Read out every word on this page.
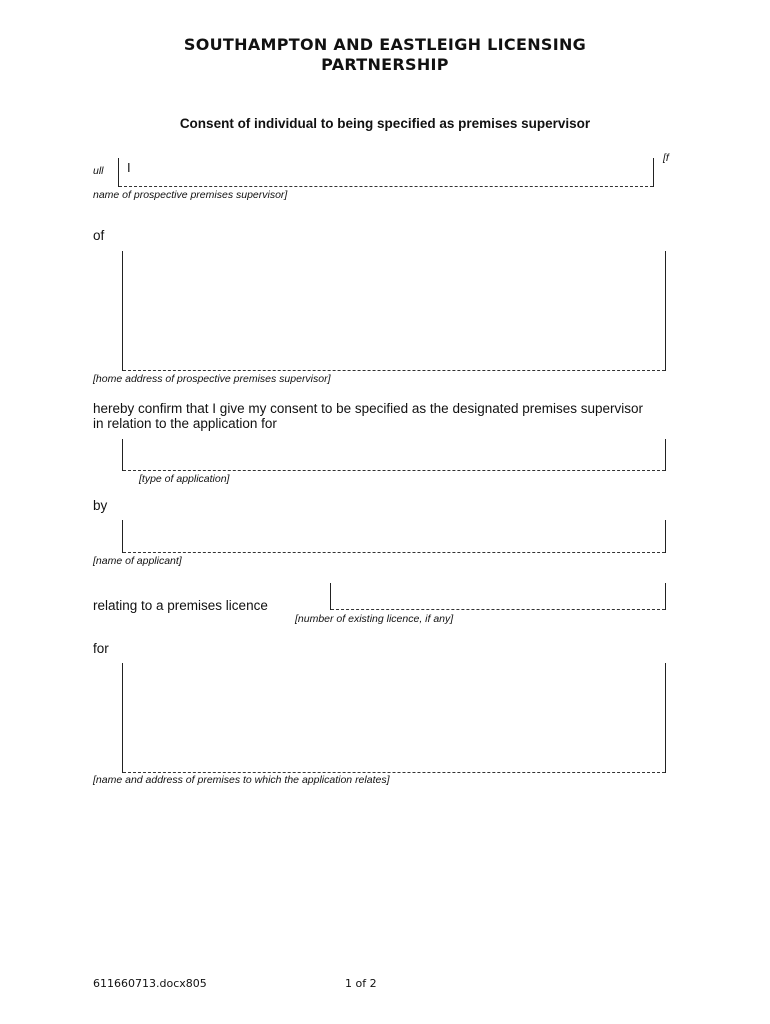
SOUTHAMPTON AND EASTLEIGH LICENSING
PARTNERSHIP
Consent of individual to being specified as premises supervisor
[f
ull I
name of prospective premises supervisor]
of
[home address of prospective premises supervisor]
hereby confirm that I give my consent to be specified as the designated premises supervisor
in relation to the application for
[type of application]
by
[name of applicant]
relating to a premises licence
[number of existing licence, if any]
for
[name and address of premises to which the application relates]
611660713.docx805	1 of 2
